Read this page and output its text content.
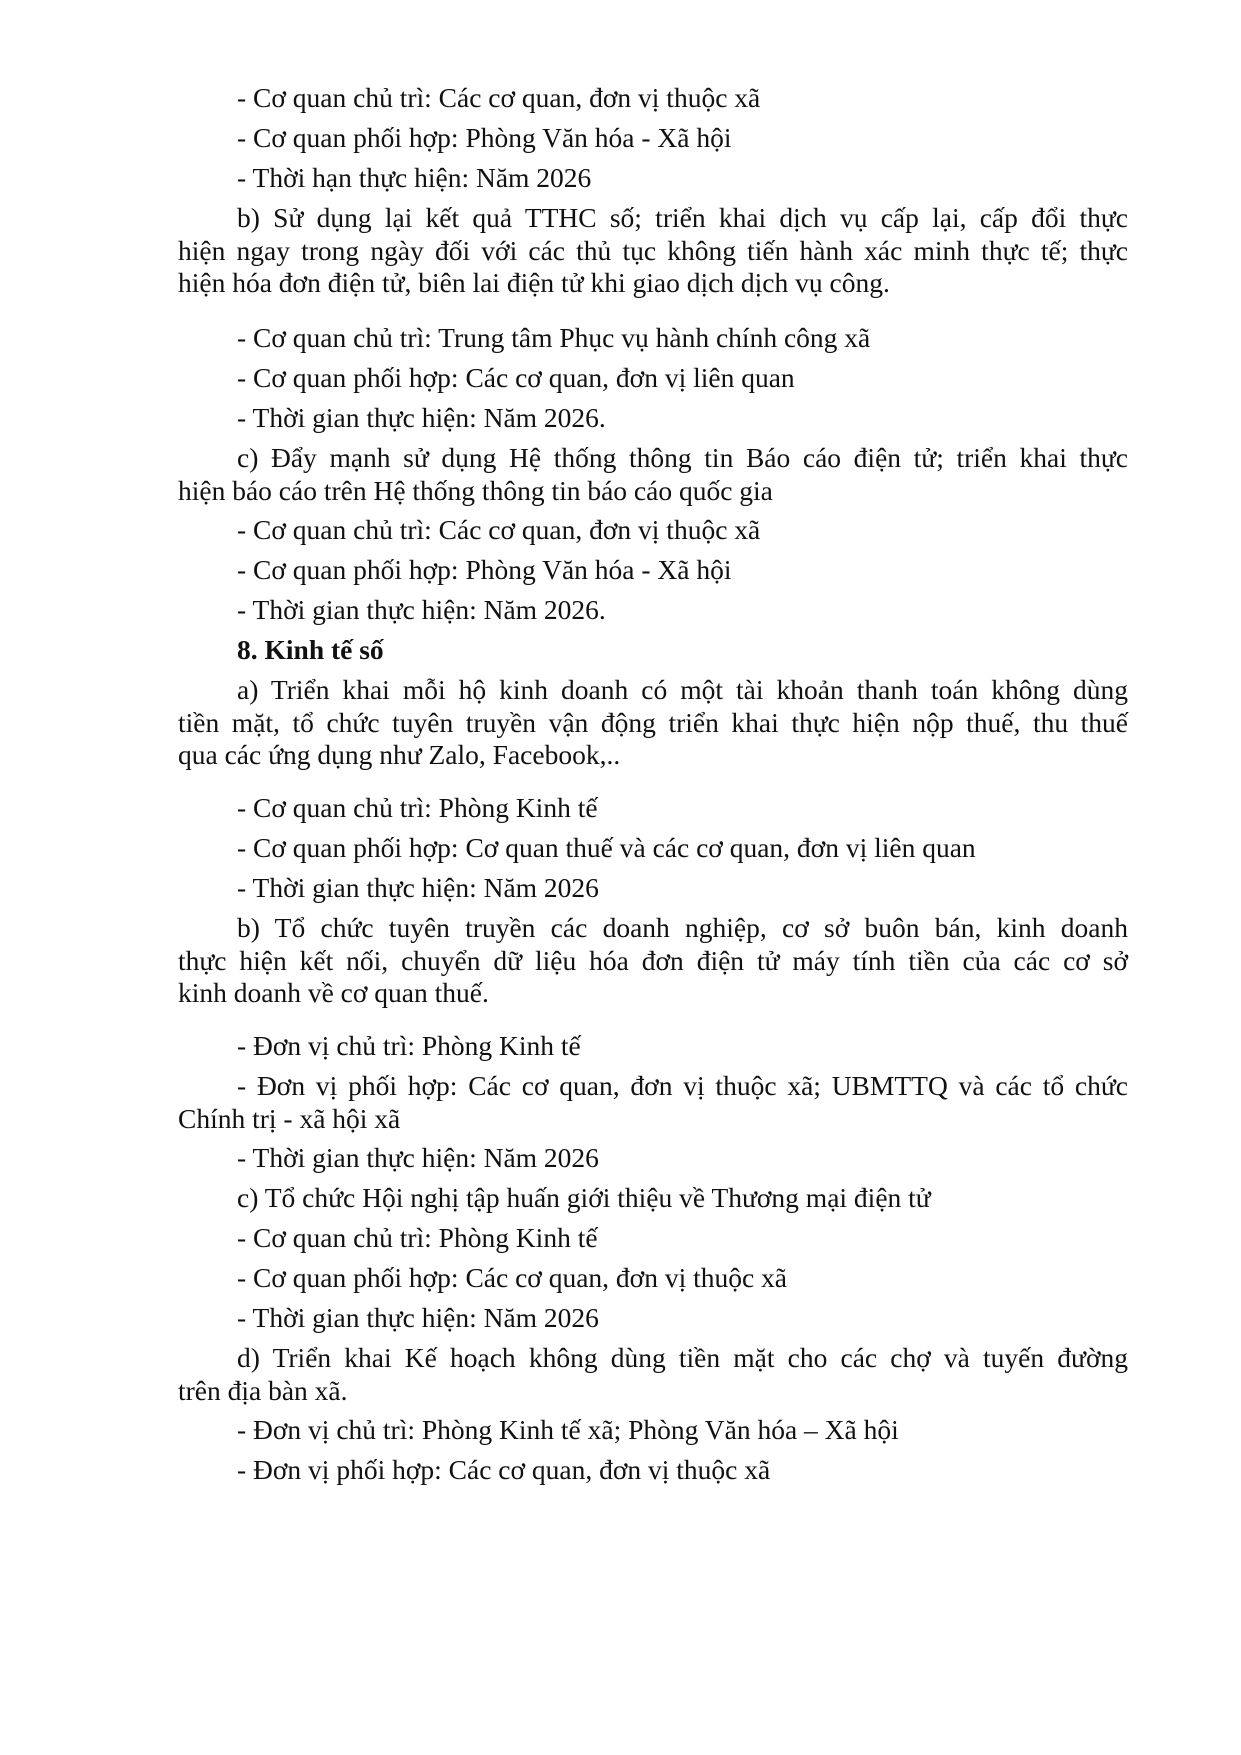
- Cơ quan chủ trì: Các cơ quan, đơn vị thuộc xã
- Cơ quan phối hợp: Phòng Văn hóa - Xã hội
- Thời hạn thực hiện: Năm 2026
b) Sử dụng lại kết quả TTHC số; triển khai dịch vụ cấp lại, cấp đổi thực
hiện ngay trong ngày đối với các thủ tục không tiến hành xác minh thực tế; thực
hiện hóa đơn điện tử, biên lai điện tử khi giao dịch dịch vụ công.
- Cơ quan chủ trì: Trung tâm Phục vụ hành chính công xã
- Cơ quan phối hợp: Các cơ quan, đơn vị liên quan
- Thời gian thực hiện: Năm 2026.
c) Đẩy mạnh sử dụng Hệ thống thông tin Báo cáo điện tử; triển khai thực
hiện báo cáo trên Hệ thống thông tin báo cáo quốc gia
- Cơ quan chủ trì: Các cơ quan, đơn vị thuộc xã
- Cơ quan phối hợp: Phòng Văn hóa - Xã hội
- Thời gian thực hiện: Năm 2026.
8. Kinh tế số
a) Triển khai mỗi hộ kinh doanh có một tài khoản thanh toán không dùng
tiền mặt, tổ chức tuyên truyền vận động triển khai thực hiện nộp thuế, thu thuế
qua các ứng dụng như Zalo, Facebook,..
- Cơ quan chủ trì: Phòng Kinh tế
- Cơ quan phối hợp: Cơ quan thuế và các cơ quan, đơn vị liên quan
- Thời gian thực hiện: Năm 2026
b) Tổ chức tuyên truyền các doanh nghiệp, cơ sở buôn bán, kinh doanh
thực hiện kết nối, chuyển dữ liệu hóa đơn điện tử máy tính tiền của các cơ sở
kinh doanh về cơ quan thuế.
- Đơn vị chủ trì: Phòng Kinh tế
- Đơn vị phối hợp: Các cơ quan, đơn vị thuộc xã; UBMTTQ và các tổ chức
Chính trị - xã hội xã
- Thời gian thực hiện: Năm 2026
c) Tổ chức Hội nghị tập huấn giới thiệu về Thương mại điện tử
- Cơ quan chủ trì: Phòng Kinh tế
- Cơ quan phối hợp: Các cơ quan, đơn vị thuộc xã
- Thời gian thực hiện: Năm 2026
d) Triển khai Kế hoạch không dùng tiền mặt cho các chợ và tuyến đường
trên địa bàn xã.
- Đơn vị chủ trì: Phòng Kinh tế xã; Phòng Văn hóa – Xã hội
- Đơn vị phối hợp: Các cơ quan, đơn vị thuộc xã
